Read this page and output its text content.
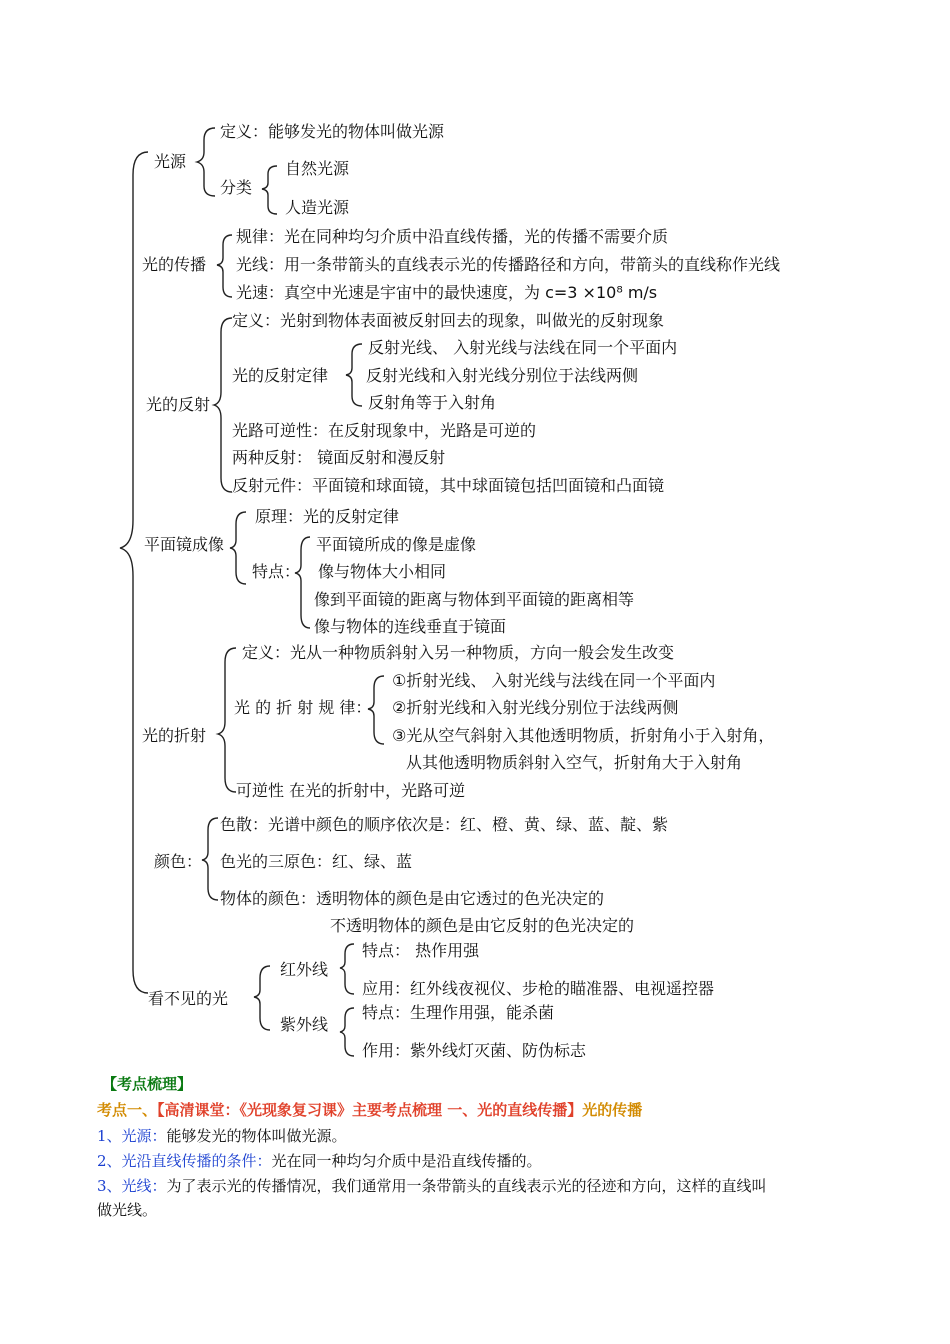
光源
定义：能够发光的物体叫做光源
分类
自然光源
人造光源
光的传播
规律：光在同种均匀介质中沿直线传播，光的传播不需要介质
光线：用一条带箭头的直线表示光的传播路径和方向，带箭头的直线称作光线
光速：真空中光速是宇宙中的最快速度，为 c=3 ×10⁸ m/s
光的反射
定义：光射到物体表面被反射回去的现象，叫做光的反射现象
光的反射定律
反射光线、 入射光线与法线在同一个平面内
反射光线和入射光线分别位于法线两侧
反射角等于入射角
光路可逆性：在反射现象中，光路是可逆的
两种反射： 镜面反射和漫反射
反射元件：平面镜和球面镜，其中球面镜包括凹面镜和凸面镜
平面镜成像
原理：光的反射定律
特点：
平面镜所成的像是虚像
像与物体大小相同
像到平面镜的距离与物体到平面镜的距离相等
像与物体的连线垂直于镜面
光的折射
定义：光从一种物质斜射入另一种物质，方向一般会发生改变
光 的 折 射 规 律：
①折射光线、 入射光线与法线在同一个平面内
②折射光线和入射光线分别位于法线两侧
③光从空气斜射入其他透明物质，折射角小于入射角，
从其他透明物质斜射入空气，折射角大于入射角
可逆性 在光的折射中，光路可逆
颜色：
色散：光谱中颜色的顺序依次是：红、橙、黄、绿、蓝、靛、紫
色光的三原色：红、绿、蓝
物体的颜色：透明物体的颜色是由它透过的色光决定的
不透明物体的颜色是由它反射的色光决定的
看不见的光
红外线
特点： 热作用强
应用：红外线夜视仪、步枪的瞄准器、电视遥控器
紫外线
特点：生理作用强，能杀菌
作用：紫外线灯灭菌、防伪标志
【考点梳理】
考点一、【高清课堂：《光现象复习课》主要考点梳理 一、光的直线传播】光的传播
1、光源：能够发光的物体叫做光源。
2、光沿直线传播的条件：光在同一种均匀介质中是沿直线传播的。
3、光线：为了表示光的传播情况，我们通常用一条带箭头的直线表示光的径迹和方向，这样的直线叫
做光线。
